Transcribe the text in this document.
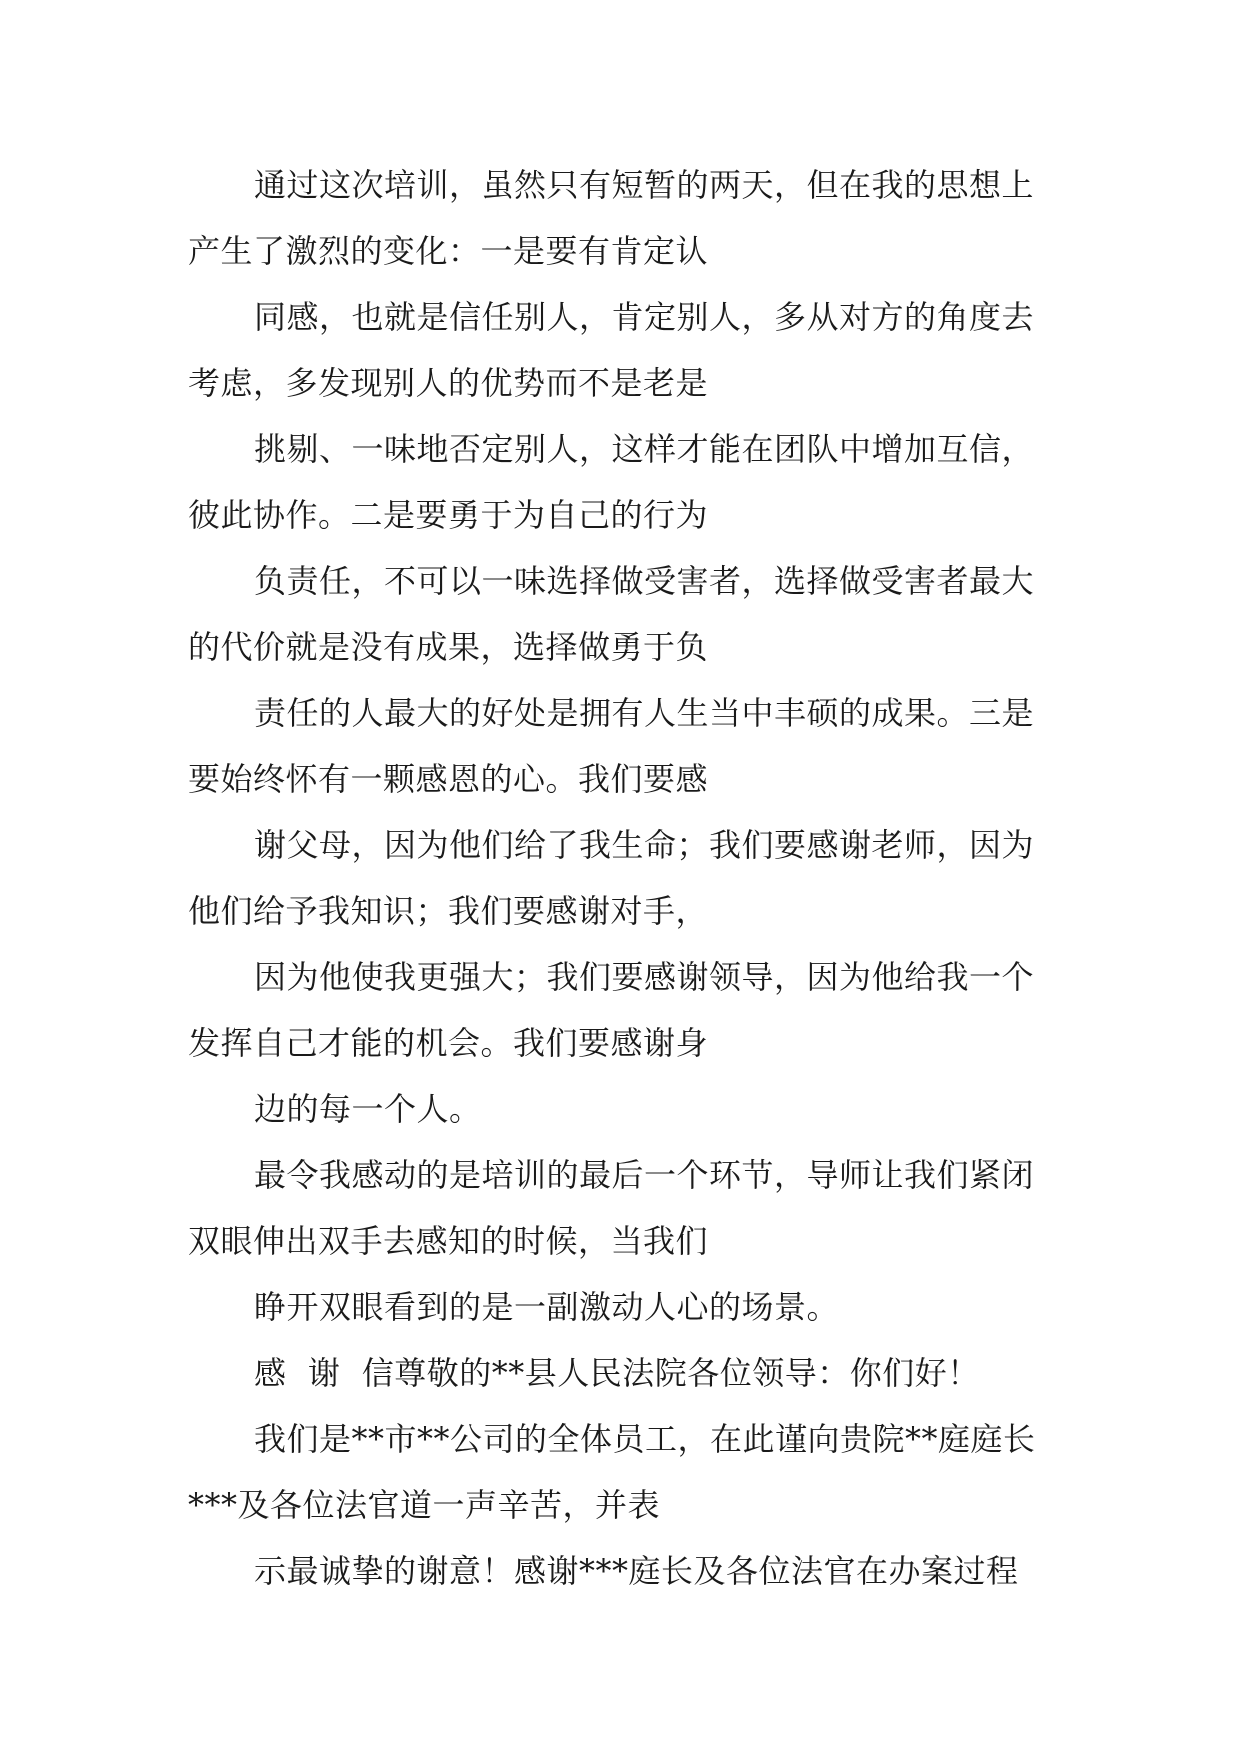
通过这次培训，虽然只有短暂的两天，但在我的思想上
产生了激烈的变化：一是要有肯定认
同感，也就是信任别人，肯定别人，多从对方的角度去
考虑，多发现别人的优势而不是老是
挑剔、一味地否定别人，这样才能在团队中增加互信，
彼此协作。二是要勇于为自己的行为
负责任，不可以一味选择做受害者，选择做受害者最大
的代价就是没有成果，选择做勇于负
责任的人最大的好处是拥有人生当中丰硕的成果。三是
要始终怀有一颗感恩的心。我们要感
谢父母，因为他们给了我生命；我们要感谢老师，因为
他们给予我知识；我们要感谢对手，
因为他使我更强大；我们要感谢领导，因为他给我一个
发挥自己才能的机会。我们要感谢身
边的每一个人。
最令我感动的是培训的最后一个环节，导师让我们紧闭
双眼伸出双手去感知的时候，当我们
睁开双眼看到的是一副激动人心的场景。
感  谢  信尊敬的**县人民法院各位领导：你们好！
我们是**市**公司的全体员工，在此谨向贵院**庭庭长
***及各位法官道一声辛苦，并表
示最诚挚的谢意！感谢***庭长及各位法官在办案过程
